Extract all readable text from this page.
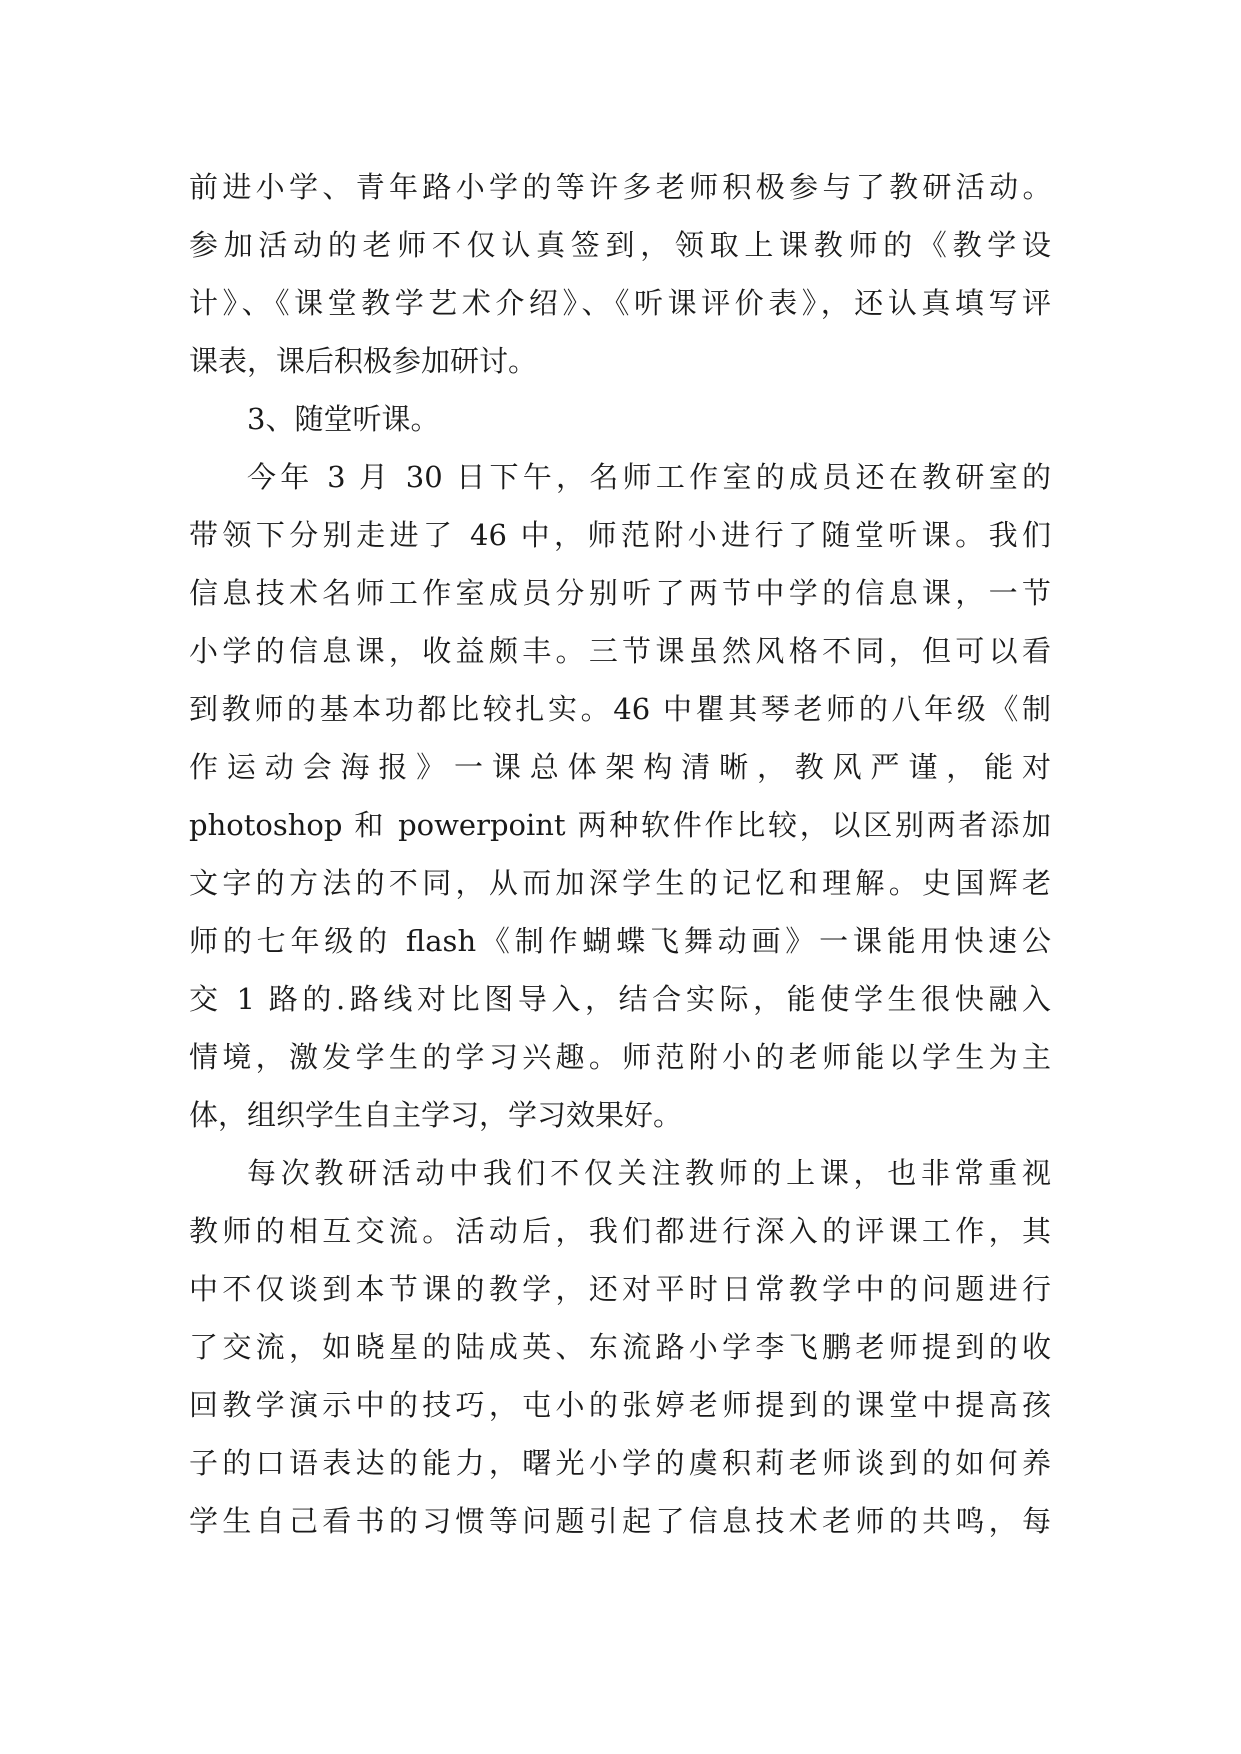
前进小学、青年路小学的等许多老师积极参与了教研活动。
参加活动的老师不仅认真签到，领取上课教师的《教学设
计》、《课堂教学艺术介绍》、《听课评价表》，还认真填写评
课表，课后积极参加研讨。
3、随堂听课。
今年 3 月 30 日下午，名师工作室的成员还在教研室的
带领下分别走进了 46 中，师范附小进行了随堂听课。我们
信息技术名师工作室成员分别听了两节中学的信息课，一节
小学的信息课，收益颇丰。三节课虽然风格不同，但可以看
到教师的基本功都比较扎实。46 中瞿其琴老师的八年级《制
作运动会海报》一课总体架构清晰，教风严谨，能对
photoshop 和 powerpoint 两种软件作比较，以区别两者添加
文字的方法的不同，从而加深学生的记忆和理解。史国辉老
师的七年级的 flash《制作蝴蝶飞舞动画》一课能用快速公
交 1 路的.路线对比图导入，结合实际，能使学生很快融入
情境，激发学生的学习兴趣。师范附小的老师能以学生为主
体，组织学生自主学习，学习效果好。
每次教研活动中我们不仅关注教师的上课，也非常重视
教师的相互交流。活动后，我们都进行深入的评课工作，其
中不仅谈到本节课的教学，还对平时日常教学中的问题进行
了交流，如晓星的陆成英、东流路小学李飞鹏老师提到的收
回教学演示中的技巧，屯小的张婷老师提到的课堂中提高孩
子的口语表达的能力，曙光小学的虞积莉老师谈到的如何养
学生自己看书的习惯等问题引起了信息技术老师的共鸣，每
